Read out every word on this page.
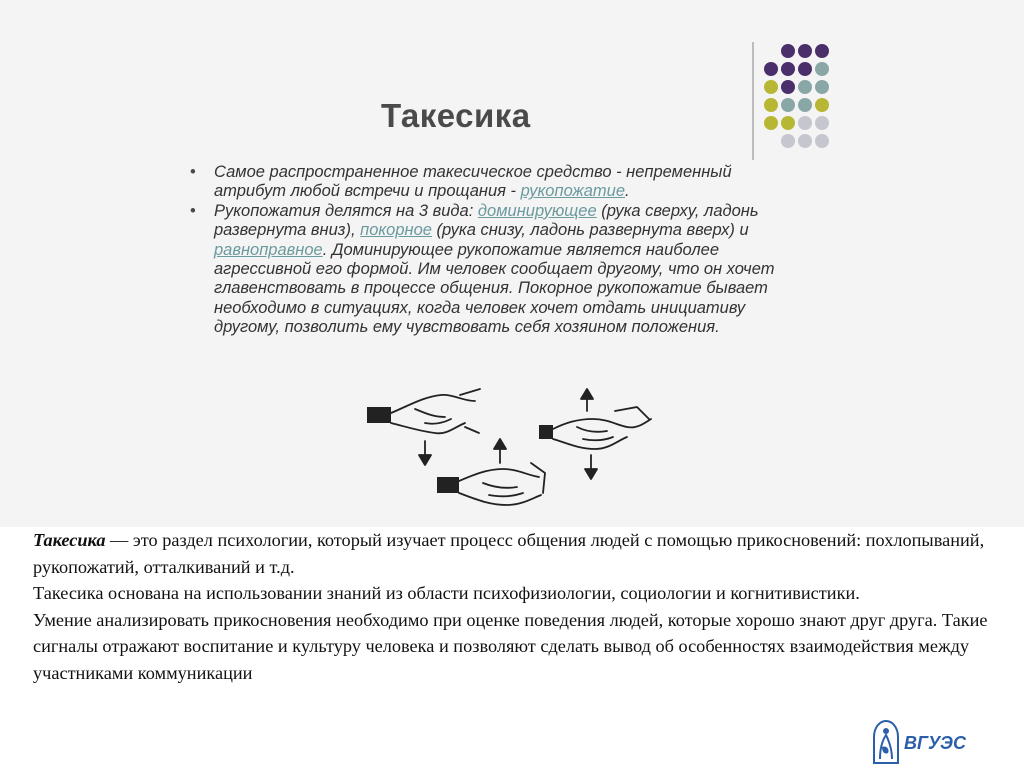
Такесика
• Самое распространенное такесическое средство - непременный атрибут любой встречи и прощания - рукопожатие.
• Рукопожатия делятся на 3 вида: доминирующее (рука сверху, ладонь развернута вниз), покорное (рука снизу, ладонь развернута вверх) и равноправное. Доминирующее рукопожатие является наиболее агрессивной его формой. Им человек сообщает другому, что он хочет главенствовать в процессе общения. Покорное рукопожатие бывает необходимо в ситуациях, когда человек хочет отдать инициативу другому, позволить ему чувствовать себя хозяином положения.

Такесика — это раздел психологии, который изучает процесс общения людей с помощью прикосновений: похлопываний, рукопожатий, отталкиваний и т.д.

Такесика основана на использовании знаний из области психофизиологии, социологии и когнитивистики.

Умение анализировать прикосновения необходимо при оценке поведения людей, которые хорошо знают друг друга. Такие сигналы отражают воспитание и культуру человека и позволяют сделать вывод об особенностях взаимодействия между участниками коммуникации

ВГУЭС
